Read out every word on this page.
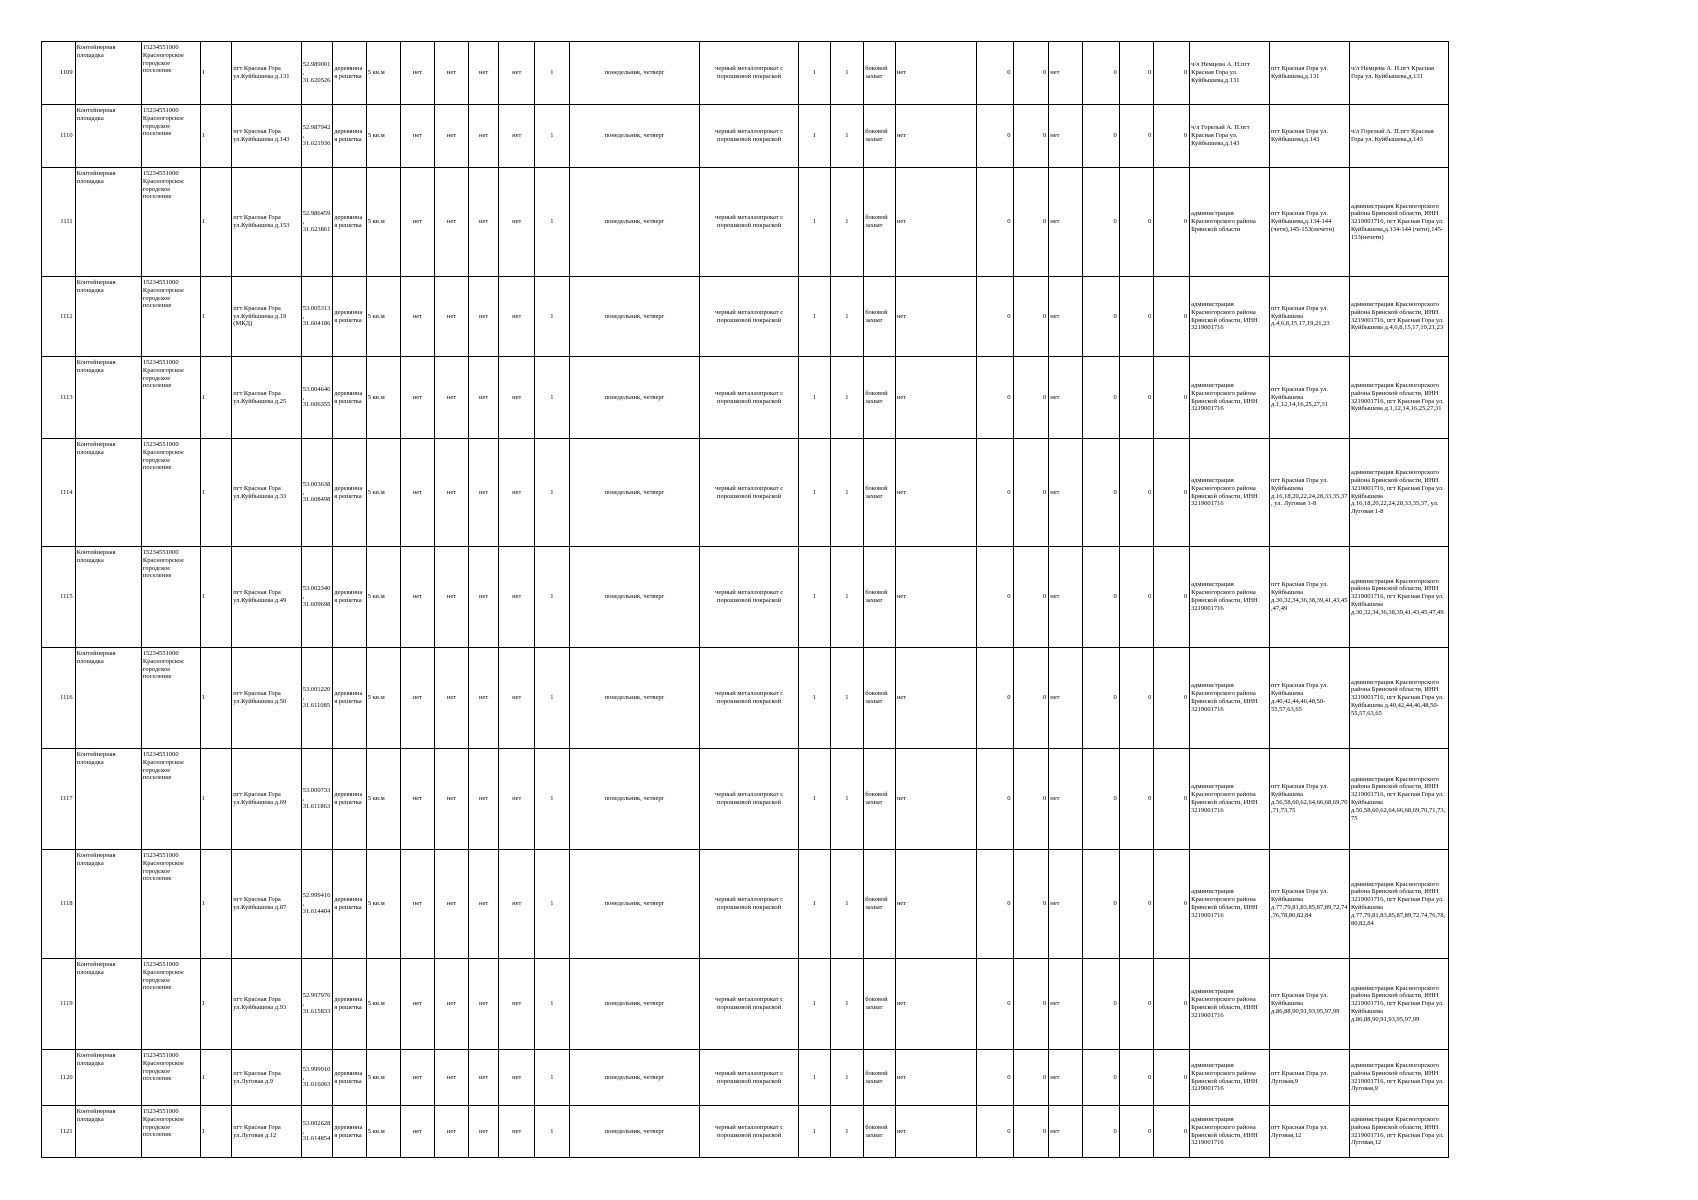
1109	Контейнерная площадка	15234551000 Красногорское городское поселение	1	пгт Красная Гора ул.Куйбышева д.131	52.989001, 31.620526	деревянная решетка	5 кв.м	нет	нет	нет	нет	1	понедельник, четверг	черный металлопрокат с порошковой покраской	1	1	боковой захват	нет	0	0	нет	0	0	0	ч/л Немцева А. Н.пгт Красная Гора ул. Куйбышева,д.131	пгт Красная Гора ул. Куйбышева,д.131	ч/л Немцева А. Н.пгт Красная Гора ул. Куйбышева,д.131
1110	Контейнерная площадка	15234551000 Красногорское городское поселение	1	пгт Красная Гора ул.Куйбышева д.143	52.987942, 31.621936	деревянная решетка	5 кв.м	нет	нет	нет	нет	1	понедельник, четверг	черный металлопрокат с порошковой покраской	1	1	боковой захват	нет	0	0	нет	0	0	0	ч/л Горелый А. П.пгт Красная Гора ул. Куйбышева,д.143	пгт Красная Гора ул. Куйбышева,д.143	ч/л Горелый А. П.пгт Красная Гора ул. Куйбышева,д.143
1111	Контейнерная площадка	15234551000 Красногорское городское поселение	1	пгт Красная Гора ул.Куйбышева д.153	52.986459, 31.623861	деревянная решетка	5 кв.м	нет	нет	нет	нет	1	понедельник, четверг	черный металлопрокат с порошковой покраской	1	1	боковой захват	нет	0	0	нет	0	0	0	администрация Красногорского района Брянской области	пгт Красная Гора ул. Куйбышева,д.134-144 (четн),145-153(нечетн)	администрация Красногорского района Брянской области, ИНН 3219001716, пгт Красная Гора ул. Куйбышева,д.134-144 (четн),145-153(нечетн)
1112	Контейнерная площадка	15234551000 Красногорское городское поселение	1	пгт Красная Гора ул.Куйбышева д.19 (МКД)	53.005313, 31.604186	деревянная решетка	5 кв.м	нет	нет	нет	нет	1	понедельник, четверг	черный металлопрокат с порошковой покраской	1	1	боковой захват	нет	0	0	нет	0	0	0	администрация Красногорского района Брянской области, ИНН 3219001716	пгт Красная Гора ул. Куйбышева д.4,6,8,15,17,19,21,23	администрация Красногорского района Брянской области, ИНН 3219001716, пгт Красная Гора ул. Куйбышева д.4,6,8,15,17,19,21,23
1113	Контейнерная площадка	15234551000 Красногорское городское поселение	1	пгт Красная Гора ул.Куйбышева д.25	53.004646, 31.606355	деревянная решетка	5 кв.м	нет	нет	нет	нет	1	понедельник, четверг	черный металлопрокат с порошковой покраской	1	1	боковой захват	нет	0	0	нет	0	0	0	администрация Красногорского района Брянской области, ИНН 3219001716	пгт Красная Гора ул. Куйбышева д.1,12,14,16,25,27,31	администрация Красногорского района Брянской области, ИНН 3219001716, пгт Красная Гора ул. Куйбышева д.1,12,14,16,25,27,31
1114	Контейнерная площадка	15234551000 Красногорское городское поселение	1	пгт Красная Гора ул.Куйбышева д.33	53.003638, 31.608498	деревянная решетка	5 кв.м	нет	нет	нет	нет	1	понедельник, четверг	черный металлопрокат с порошковой покраской	1	1	боковой захват	нет	0	0	нет	0	0	0	администрация Красногорского района Брянской области, ИНН 3219001716	пгт Красная Гора ул. Куйбышева д.16,18,20,22,24,28,33,35,37, ул. Луговая 1-8	администрация Красногорского района Брянской области, ИНН 3219001716, пгт Красная Гора ул. Куйбышева д.16,18,20,22,24,28,33,35,37, ул. Луговая 1-8
1115	Контейнерная площадка	15234551000 Красногорское городское поселение	1	пгт Красная Гора ул.Куйбышева д.49	53.002340, 31.609698	деревянная решетка	5 кв.м	нет	нет	нет	нет	1	понедельник, четверг	черный металлопрокат с порошковой покраской	1	1	боковой захват	нет	0	0	нет	0	0	0	администрация Красногорского района Брянской области, ИНН 3219001716	пгт Красная Гора ул. Куйбышева д.30,32,34,36,38,39,41,43,45,47,49	администрация Красногорского района Брянской области, ИНН 3219001716, пгт Красная Гора ул. Куйбышева д.30,32,34,36,38,39,41,43,45,47,49
1116	Контейнерная площадка	15234551000 Красногорское городское поселение	1	пгт Красная Гора ул.Куйбышева д.50	53.001220, 31.611085	деревянная решетка	5 кв.м	нет	нет	нет	нет	1	понедельник, четверг	черный металлопрокат с порошковой покраской	1	1	боковой захват	нет	0	0	нет	0	0	0	администрация Красногорского района Брянской области, ИНН 3219001716	пгт Красная Гора ул. Куйбышева д.40,42,44,46,48,50-55,57,63,65	администрация Красногорского района Брянской области, ИНН 3219001716, пгт Красная Гора ул. Куйбышева д.40,42,44,46,48,50-55,57,63,65
1117	Контейнерная площадка	15234551000 Красногорское городское поселение	1	пгт Красная Гора ул.Куйбышева д.69	53.000733, 31.611863	деревянная решетка	5 кв.м	нет	нет	нет	нет	1	понедельник, четверг	черный металлопрокат с порошковой покраской	1	1	боковой захват	нет	0	0	нет	0	0	0	администрация Красногорского района Брянской области, ИНН 3219001716	пгт Красная Гора ул. Куйбышева д.56,58,60,62,64,66,68,69,70,71,73,75	администрация Красногорского района Брянской области, ИНН 3219001716, пгт Красная Гора ул. Куйбышева д.56,58,60,62,64,66,68,69,70,71,73,75
1118	Контейнерная площадка	15234551000 Красногорское городское поселение	1	пгт Красная Гора ул.Куйбышева д.87	52.999416, 31.614404	деревянная решетка	5 кв.м	нет	нет	нет	нет	1	понедельник, четверг	черный металлопрокат с порошковой покраской	1	1	боковой захват	нет	0	0	нет	0	0	0	администрация Красногорского района Брянской области, ИНН 3219001716	пгт Красная Гора ул. Куйбышева д.77,79,81,83,85,87,89,72,74,76,78,80,82,84	администрация Красногорского района Брянской области, ИНН 3219001716, пгт Красная Гора ул. Куйбышева д.77,79,81,83,85,87,89,72,74,76,78,80,82,84
1119	Контейнерная площадка	15234551000 Красногорское городское поселение	1	пгт Красная Гора ул.Куйбышева д.93	52.997976, 31.615833	деревянная решетка	5 кв.м	нет	нет	нет	нет	1	понедельник, четверг	черный металлопрокат с порошковой покраской	1	1	боковой захват	нет	0	0	нет	0	0	0	администрация Красногорского района Брянской области, ИНН 3219001716	пгт Красная Гора ул. Куйбышева д.86,88,90,91,93,95,97,99	администрация Красногорского района Брянской области, ИНН 3219001716, пгт Красная Гора ул. Куйбышева д.86,88,90,91,93,95,97,99
1120	Контейнерная площадка	15234551000 Красногорское городское поселение	1	пгт Красная Гора ул.Луговая д.9	53.999910, 31.616063	деревянная решетка	5 кв.м	нет	нет	нет	нет	1	понедельник, четверг	черный металлопрокат с порошковой покраской	1	1	боковой захват	нет	0	0	нет	0	0	0	администрация Красногорского района Брянской области, ИНН 3219001716	пгт Красная Гора ул. Луговая,9	администрация Красногорского района Брянской области, ИНН 3219001716, пгт Красная Гора ул. Луговая,9
1121	Контейнерная площадка	15234551000 Красногорское городское поселение	1	пгт Красная Гора ул.Луговая д.12	53.002628, 31.614854	деревянная решетка	5 кв.м	нет	нет	нет	нет	1	понедельник, четверг	черный металлопрокат с порошковой покраской	1	1	боковой захват	нет	0	0	нет	0	0	0	администрация Красногорского района Брянской области, ИНН 3219001716	пгт Красная Гора ул. Луговая,12	администрация Красногорского района Брянской области, ИНН 3219001716, пгт Красная Гора ул. Луговая,12
